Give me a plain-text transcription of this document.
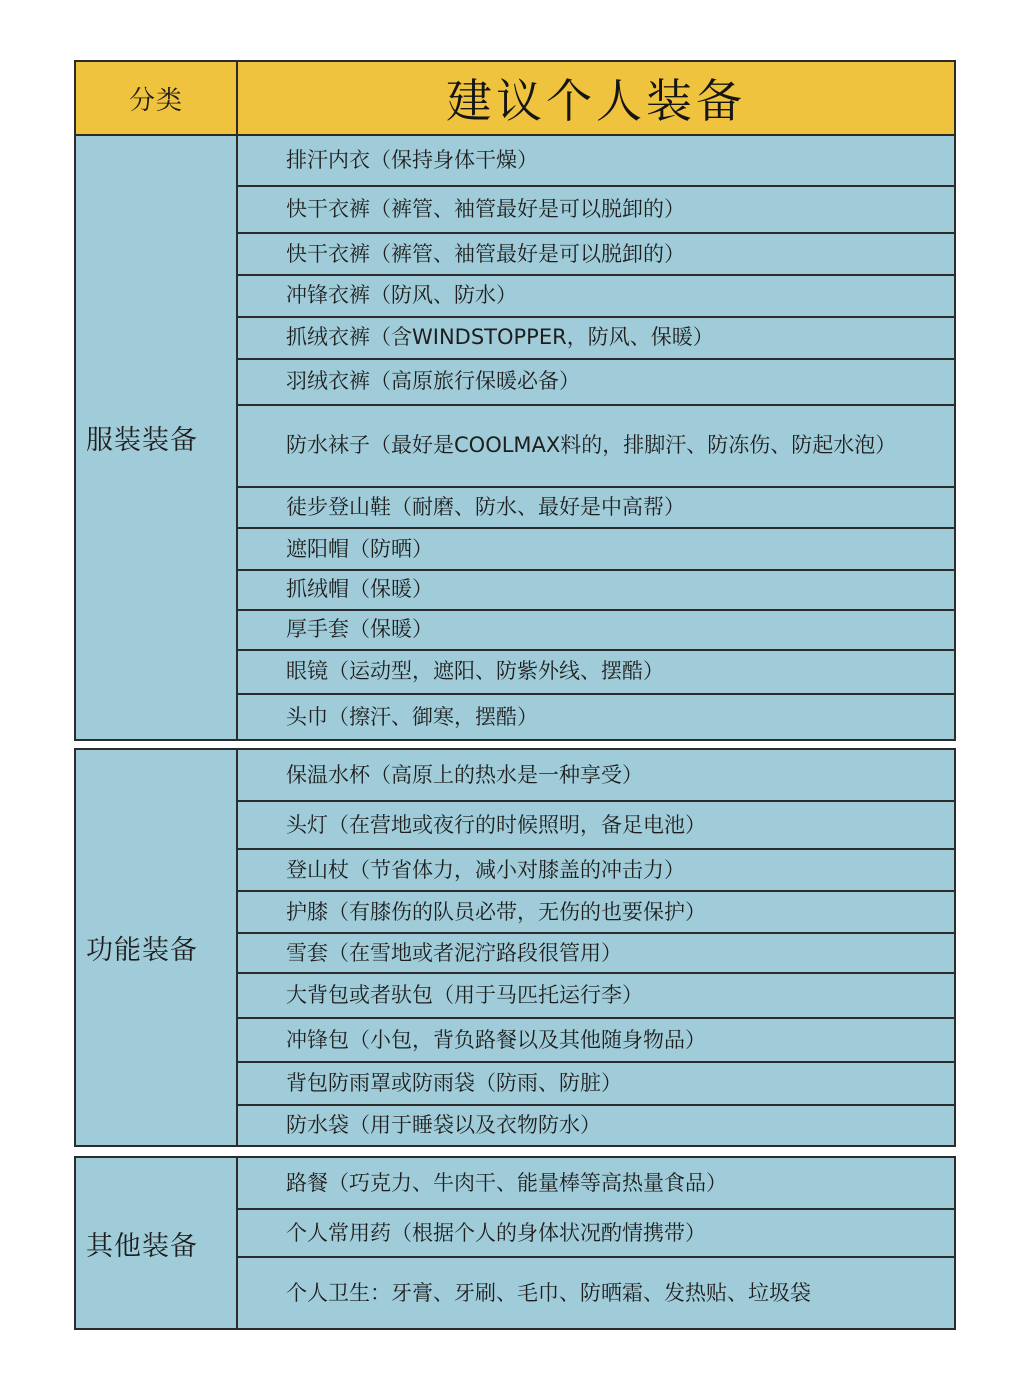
分类	建议个人装备
服装装备
排汗内衣（保持身体干燥）
快干衣裤（裤管、袖管最好是可以脱卸的）
快干衣裤（裤管、袖管最好是可以脱卸的）
冲锋衣裤（防风、防水）
抓绒衣裤（含WINDSTOPPER，防风、保暖）
羽绒衣裤（高原旅行保暖必备）
防水袜子（最好是COOLMAX料的，排脚汗、防冻伤、防起水泡）
徒步登山鞋（耐磨、防水、最好是中高帮）
遮阳帽（防晒）
抓绒帽（保暖）
厚手套（保暖）
眼镜（运动型，遮阳、防紫外线、摆酷）
头巾（擦汗、御寒，摆酷）
功能装备
保温水杯（高原上的热水是一种享受）
头灯（在营地或夜行的时候照明，备足电池）
登山杖（节省体力，减小对膝盖的冲击力）
护膝（有膝伤的队员必带，无伤的也要保护）
雪套（在雪地或者泥泞路段很管用）
大背包或者驮包（用于马匹托运行李）
冲锋包（小包，背负路餐以及其他随身物品）
背包防雨罩或防雨袋（防雨、防脏）
防水袋（用于睡袋以及衣物防水）
其他装备
路餐（巧克力、牛肉干、能量棒等高热量食品）
个人常用药（根据个人的身体状况酌情携带）
个人卫生：牙膏、牙刷、毛巾、防晒霜、发热贴、垃圾袋
